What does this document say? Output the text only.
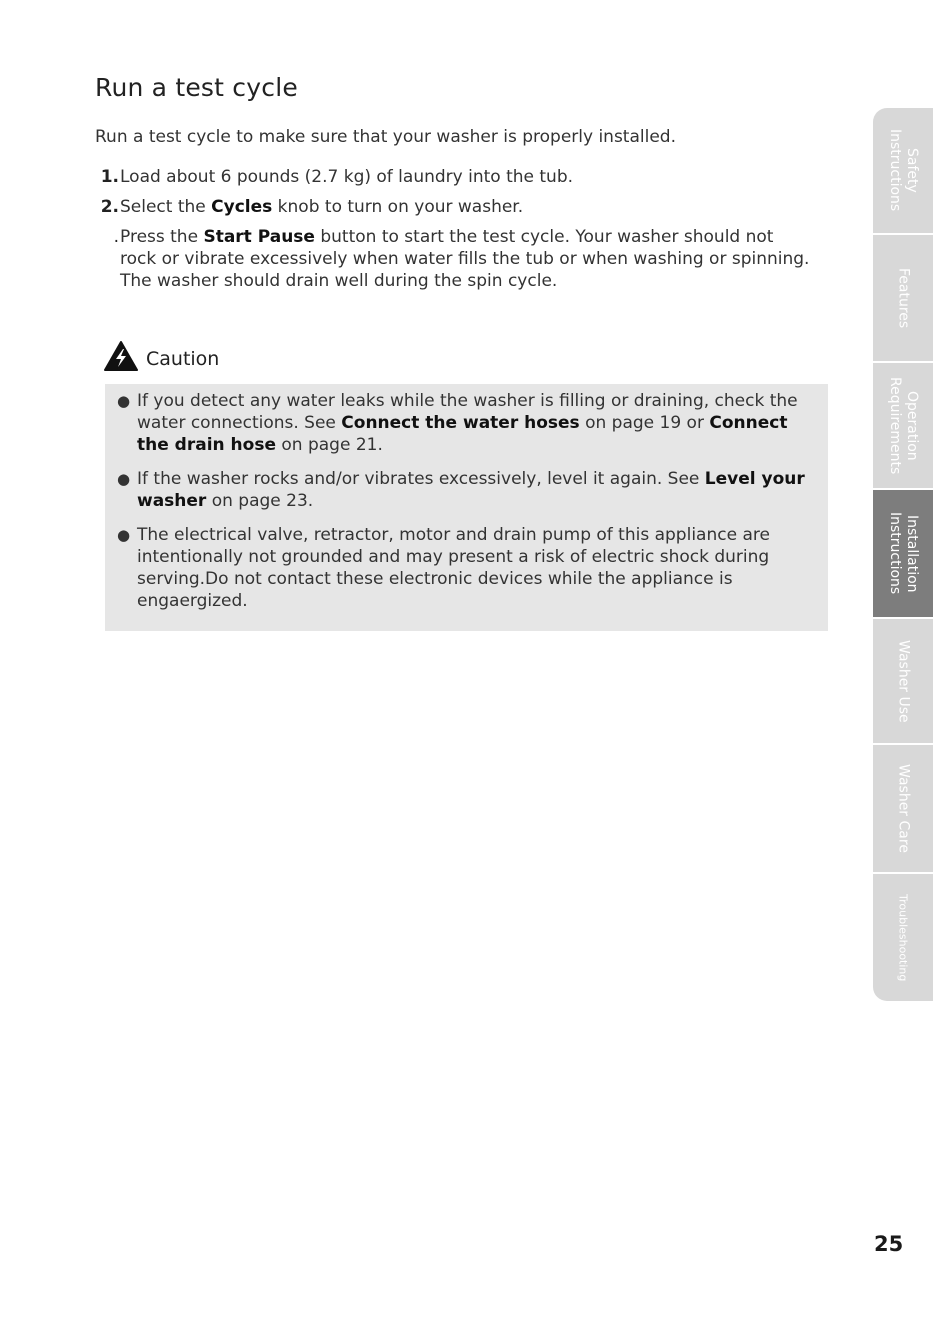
Run a test cycle

Run a test cycle to make sure that your washer is properly installed.

1. Load about 6 pounds (2.7 kg) of laundry into the tub.
2. Select the Cycles knob to turn on your washer.
. Press the Start Pause button to start the test cycle. Your washer should not rock or vibrate excessively when water fills the tub or when washing or spinning. The washer should drain well during the spin cycle.
Caution
● If you detect any water leaks while the washer is filling or draining, check the water connections. See Connect the water hoses on page 19 or Connect the drain hose on page 21.
● If the washer rocks and/or vibrates excessively, level it again. See Level your washer on page 23.
● The electrical valve, retractor, motor and drain pump of this appliance are intentionally not grounded and may present a risk of electric shock during serving.Do not contact these electronic devices while the appliance is engaergized.
Safety
Instructions
Features
Operation
Requirements
Installation
Instructions
Washer Use
Washer Care
Troubleshooting
25
